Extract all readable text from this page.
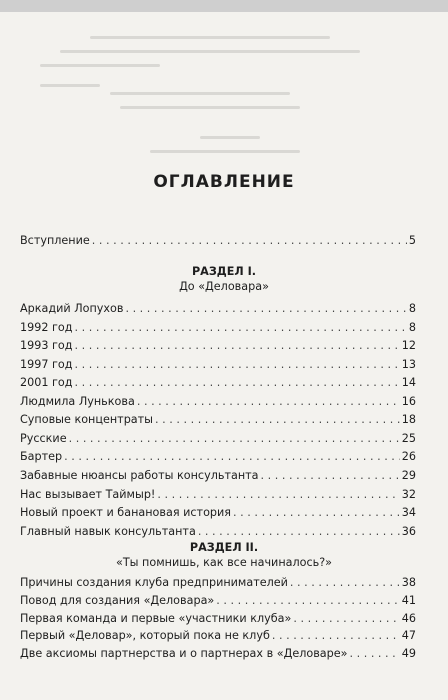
ОГЛАВЛЕНИЕ
Вступление . . .	5
РАЗДЕЛ I.
До «Деловара»
Аркадий Лопухов . . .	8
1992 год . . .	8
1993 год . . .	12
1997 год . . .	13
2001 год . . .	14
Людмила Лунькова . . .	16
Суповые концентраты . . .	18
Русские . . .	25
Бартер . . .	26
Забавные нюансы работы консультанта . . .	29
Нас вызывает Таймыр! . . .	32
Новый проект и банановая история . . .	34
Главный навык консультанта . . .	36
РАЗДЕЛ II.
«Ты помнишь, как все начиналось?»
Причины создания клуба предпринимателей . . .	38
Повод для создания «Деловара» . . .	41
Первая команда и первые «участники клуба» . . .	46
Первый «Деловар», который пока не клуб . . .	47
Две аксиомы партнерства и о партнерах в «Деловаре» . . .	49
